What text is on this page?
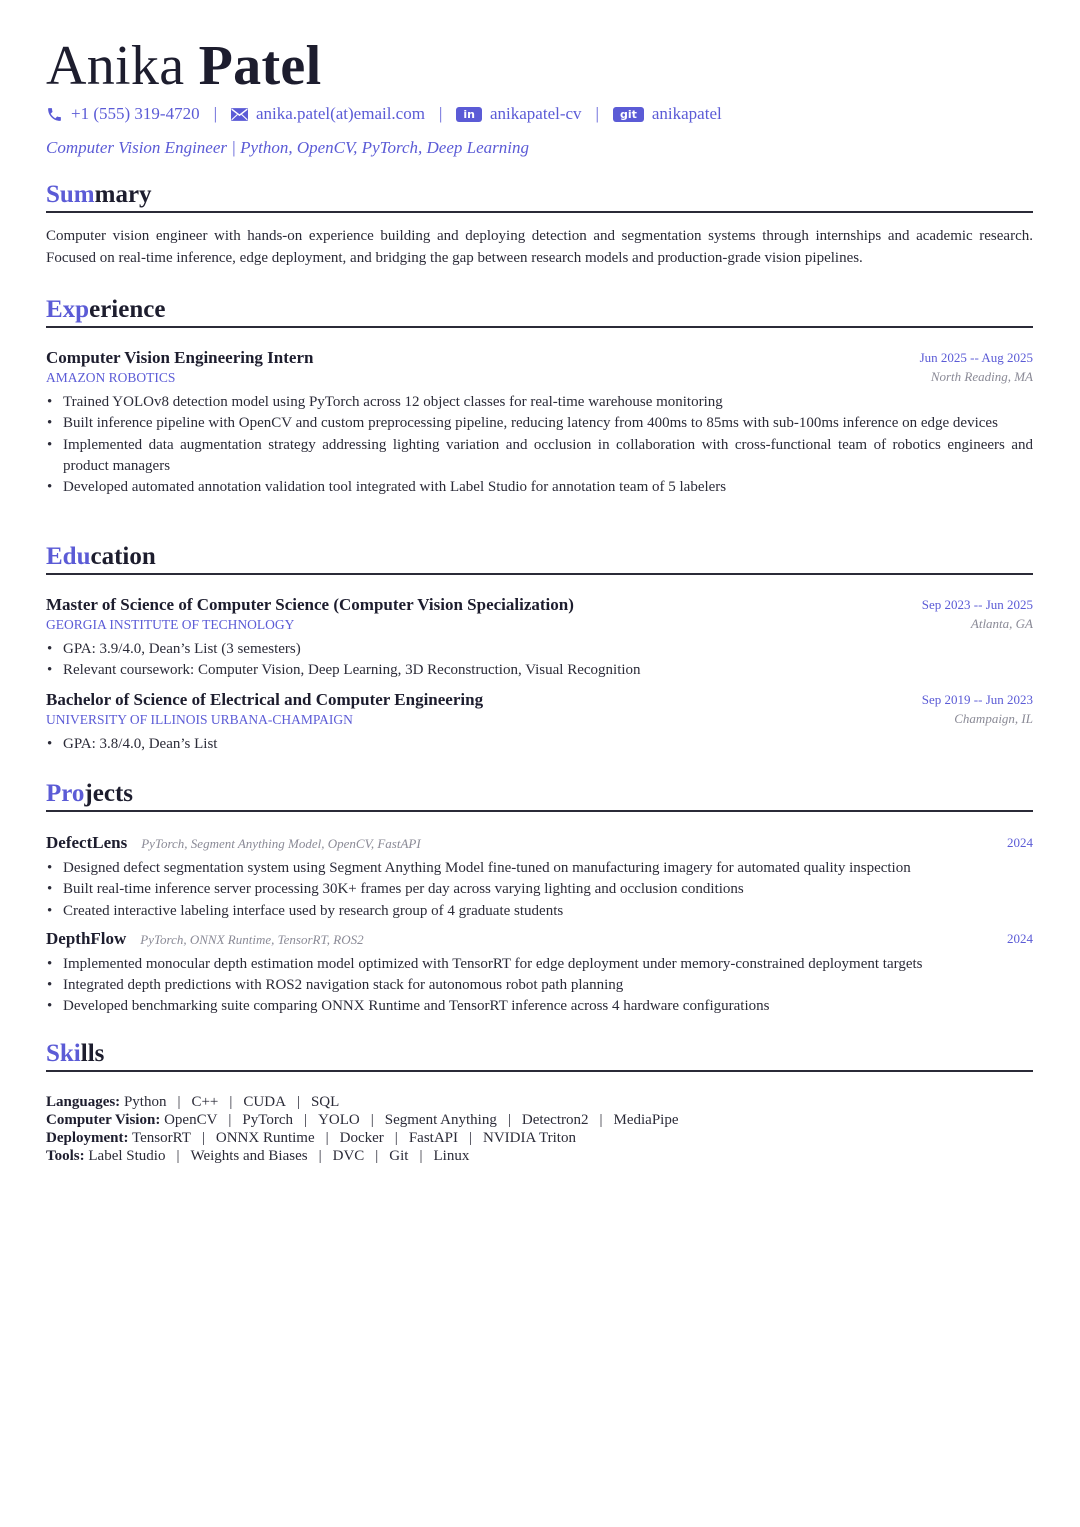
Anika Patel
+1 (555) 319-4720 | anika.patel(at)email.com |	in anikapatel-cv |	git anikapatel
Computer Vision Engineer | Python, OpenCV, PyTorch, Deep Learning
Summary
Computer vision engineer with hands-on experience building and deploying detection and segmentation systems through internships and academic research. Focused on real-time inference, edge deployment, and bridging the gap between research models and production-grade vision pipelines.
Experience
Computer Vision Engineering Intern	Jun 2025 -- Aug 2025
AMAZON ROBOTICS	North Reading, MA
• Trained YOLOv8 detection model using PyTorch across 12 object classes for real-time warehouse monitoring
• Built inference pipeline with OpenCV and custom preprocessing pipeline, reducing latency from 400ms to 85ms with sub-100ms inference on edge devices
• Implemented data augmentation strategy addressing lighting variation and occlusion in collaboration with cross-functional team of robotics engineers and product managers
• Developed automated annotation validation tool integrated with Label Studio for annotation team of 5 labelers
Education
Master of Science of Computer Science (Computer Vision Specialization)	Sep 2023 -- Jun 2025
GEORGIA INSTITUTE OF TECHNOLOGY	Atlanta, GA
• GPA: 3.9/4.0, Dean’s List (3 semesters)
• Relevant coursework: Computer Vision, Deep Learning, 3D Reconstruction, Visual Recognition
Bachelor of Science of Electrical and Computer Engineering	Sep 2019 -- Jun 2023
UNIVERSITY OF ILLINOIS URBANA-CHAMPAIGN	Champaign, IL
• GPA: 3.8/4.0, Dean’s List
Projects
DefectLens PyTorch, Segment Anything Model, OpenCV, FastAPI	2024
• Designed defect segmentation system using Segment Anything Model fine-tuned on manufacturing imagery for automated quality inspection
• Built real-time inference server processing 30K+ frames per day across varying lighting and occlusion conditions
• Created interactive labeling interface used by research group of 4 graduate students
DepthFlow PyTorch, ONNX Runtime, TensorRT, ROS2	2024
• Implemented monocular depth estimation model optimized with TensorRT for edge deployment under memory-constrained deployment targets
• Integrated depth predictions with ROS2 navigation stack for autonomous robot path planning
• Developed benchmarking suite comparing ONNX Runtime and TensorRT inference across 4 hardware configurations
Skills
Languages: Python | C++ | CUDA | SQL
Computer Vision: OpenCV | PyTorch | YOLO | Segment Anything | Detectron2 | MediaPipe
Deployment: TensorRT | ONNX Runtime | Docker | FastAPI | NVIDIA Triton
Tools: Label Studio | Weights and Biases | DVC | Git | Linux
